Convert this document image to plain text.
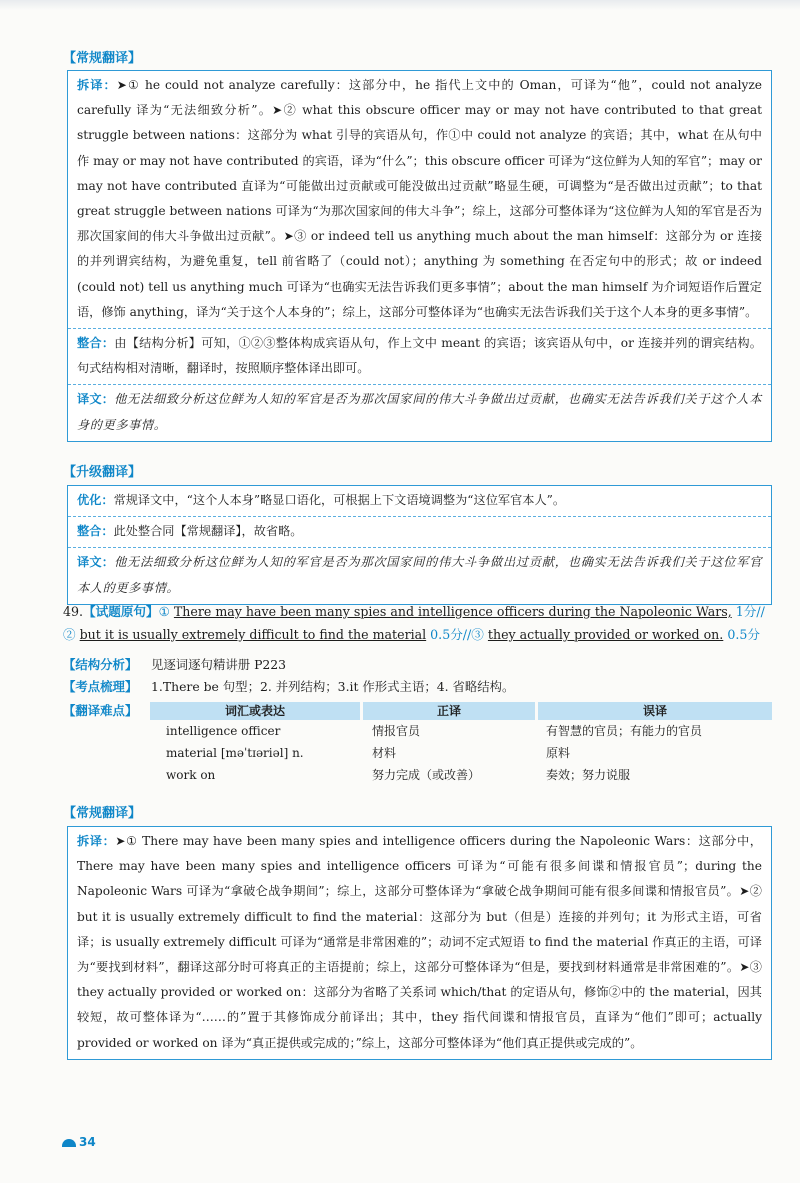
【常规翻译】
拆译：➤① he could not analyze carefully：这部分中，he 指代上文中的 Oman，可译为“他”，could not analyze carefully 译为“无法细致分析”。➤② what this obscure officer may or may not have contributed to that great struggle between nations：这部分为 what 引导的宾语从句，作①中 could not analyze 的宾语；其中，what 在从句中作 may or may not have contributed 的宾语，译为“什么”；this obscure officer 可译为“这位鲜为人知的军官”；may or may not have contributed 直译为“可能做出过贡献或可能没做出过贡献”略显生硬，可调整为“是否做出过贡献”；to that great struggle between nations 可译为“为那次国家间的伟大斗争”；综上，这部分可整体译为“这位鲜为人知的军官是否为那次国家间的伟大斗争做出过贡献”。➤③ or indeed tell us anything much about the man himself：这部分为 or 连接的并列谓宾结构，为避免重复，tell 前省略了（could not）；anything 为 something 在否定句中的形式；故 or indeed (could not) tell us anything much 可译为“也确实无法告诉我们更多事情”；about the man himself 为介词短语作后置定语，修饰 anything，译为“关于这个人本身的”；综上，这部分可整体译为“也确实无法告诉我们关于这个人本身的更多事情”。
整合：由【结构分析】可知，①②③整体构成宾语从句，作上文中 meant 的宾语；该宾语从句中，or 连接并列的谓宾结构。句式结构相对清晰，翻译时，按照顺序整体译出即可。
译文：他无法细致分析这位鲜为人知的军官是否为那次国家间的伟大斗争做出过贡献，也确实无法告诉我们关于这个人本身的更多事情。
【升级翻译】
优化：常规译文中，“这个人本身”略显口语化，可根据上下文语境调整为“这位军官本人”。
整合：此处整合同【常规翻译】，故省略。
译文：他无法细致分析这位鲜为人知的军官是否为那次国家间的伟大斗争做出过贡献，也确实无法告诉我们关于这位军官本人的更多事情。
49.【试题原句】① There may have been many spies and intelligence officers during the Napoleonic Wars, 1分//② but it is usually extremely difficult to find the material 0.5分//③ they actually provided or worked on. 0.5分
【结构分析】 见逐词逐句精讲册 P223
【考点梳理】 1.There be 句型；2. 并列结构；3.it 作形式主语；4. 省略结构。
【翻译难点】	词汇或表达	正译	误译
intelligence officer	情报官员	有智慧的官员；有能力的官员
material [məˈtɪəriəl] n.	材料	原料
work on	努力完成（或改善）	奏效；努力说服
【常规翻译】
拆译：➤① There may have been many spies and intelligence officers during the Napoleonic Wars：这部分中，There may have been many spies and intelligence officers 可译为“可能有很多间谍和情报官员”；during the Napoleonic Wars 可译为“拿破仑战争期间”；综上，这部分可整体译为“拿破仑战争期间可能有很多间谍和情报官员”。➤② but it is usually extremely difficult to find the material：这部分为 but（但是）连接的并列句；it 为形式主语，可省译；is usually extremely difficult 可译为“通常是非常困难的”；动词不定式短语 to find the material 作真正的主语，可译为“要找到材料”，翻译这部分时可将真正的主语提前；综上，这部分可整体译为“但是，要找到材料通常是非常困难的”。➤③ they actually provided or worked on：这部分为省略了关系词 which/that 的定语从句，修饰②中的 the material，因其较短，故可整体译为“……的”置于其修饰成分前译出；其中，they 指代间谍和情报官员，直译为“他们”即可；actually provided or worked on 译为“真正提供或完成的；”综上，这部分可整体译为“他们真正提供或完成的”。
34
